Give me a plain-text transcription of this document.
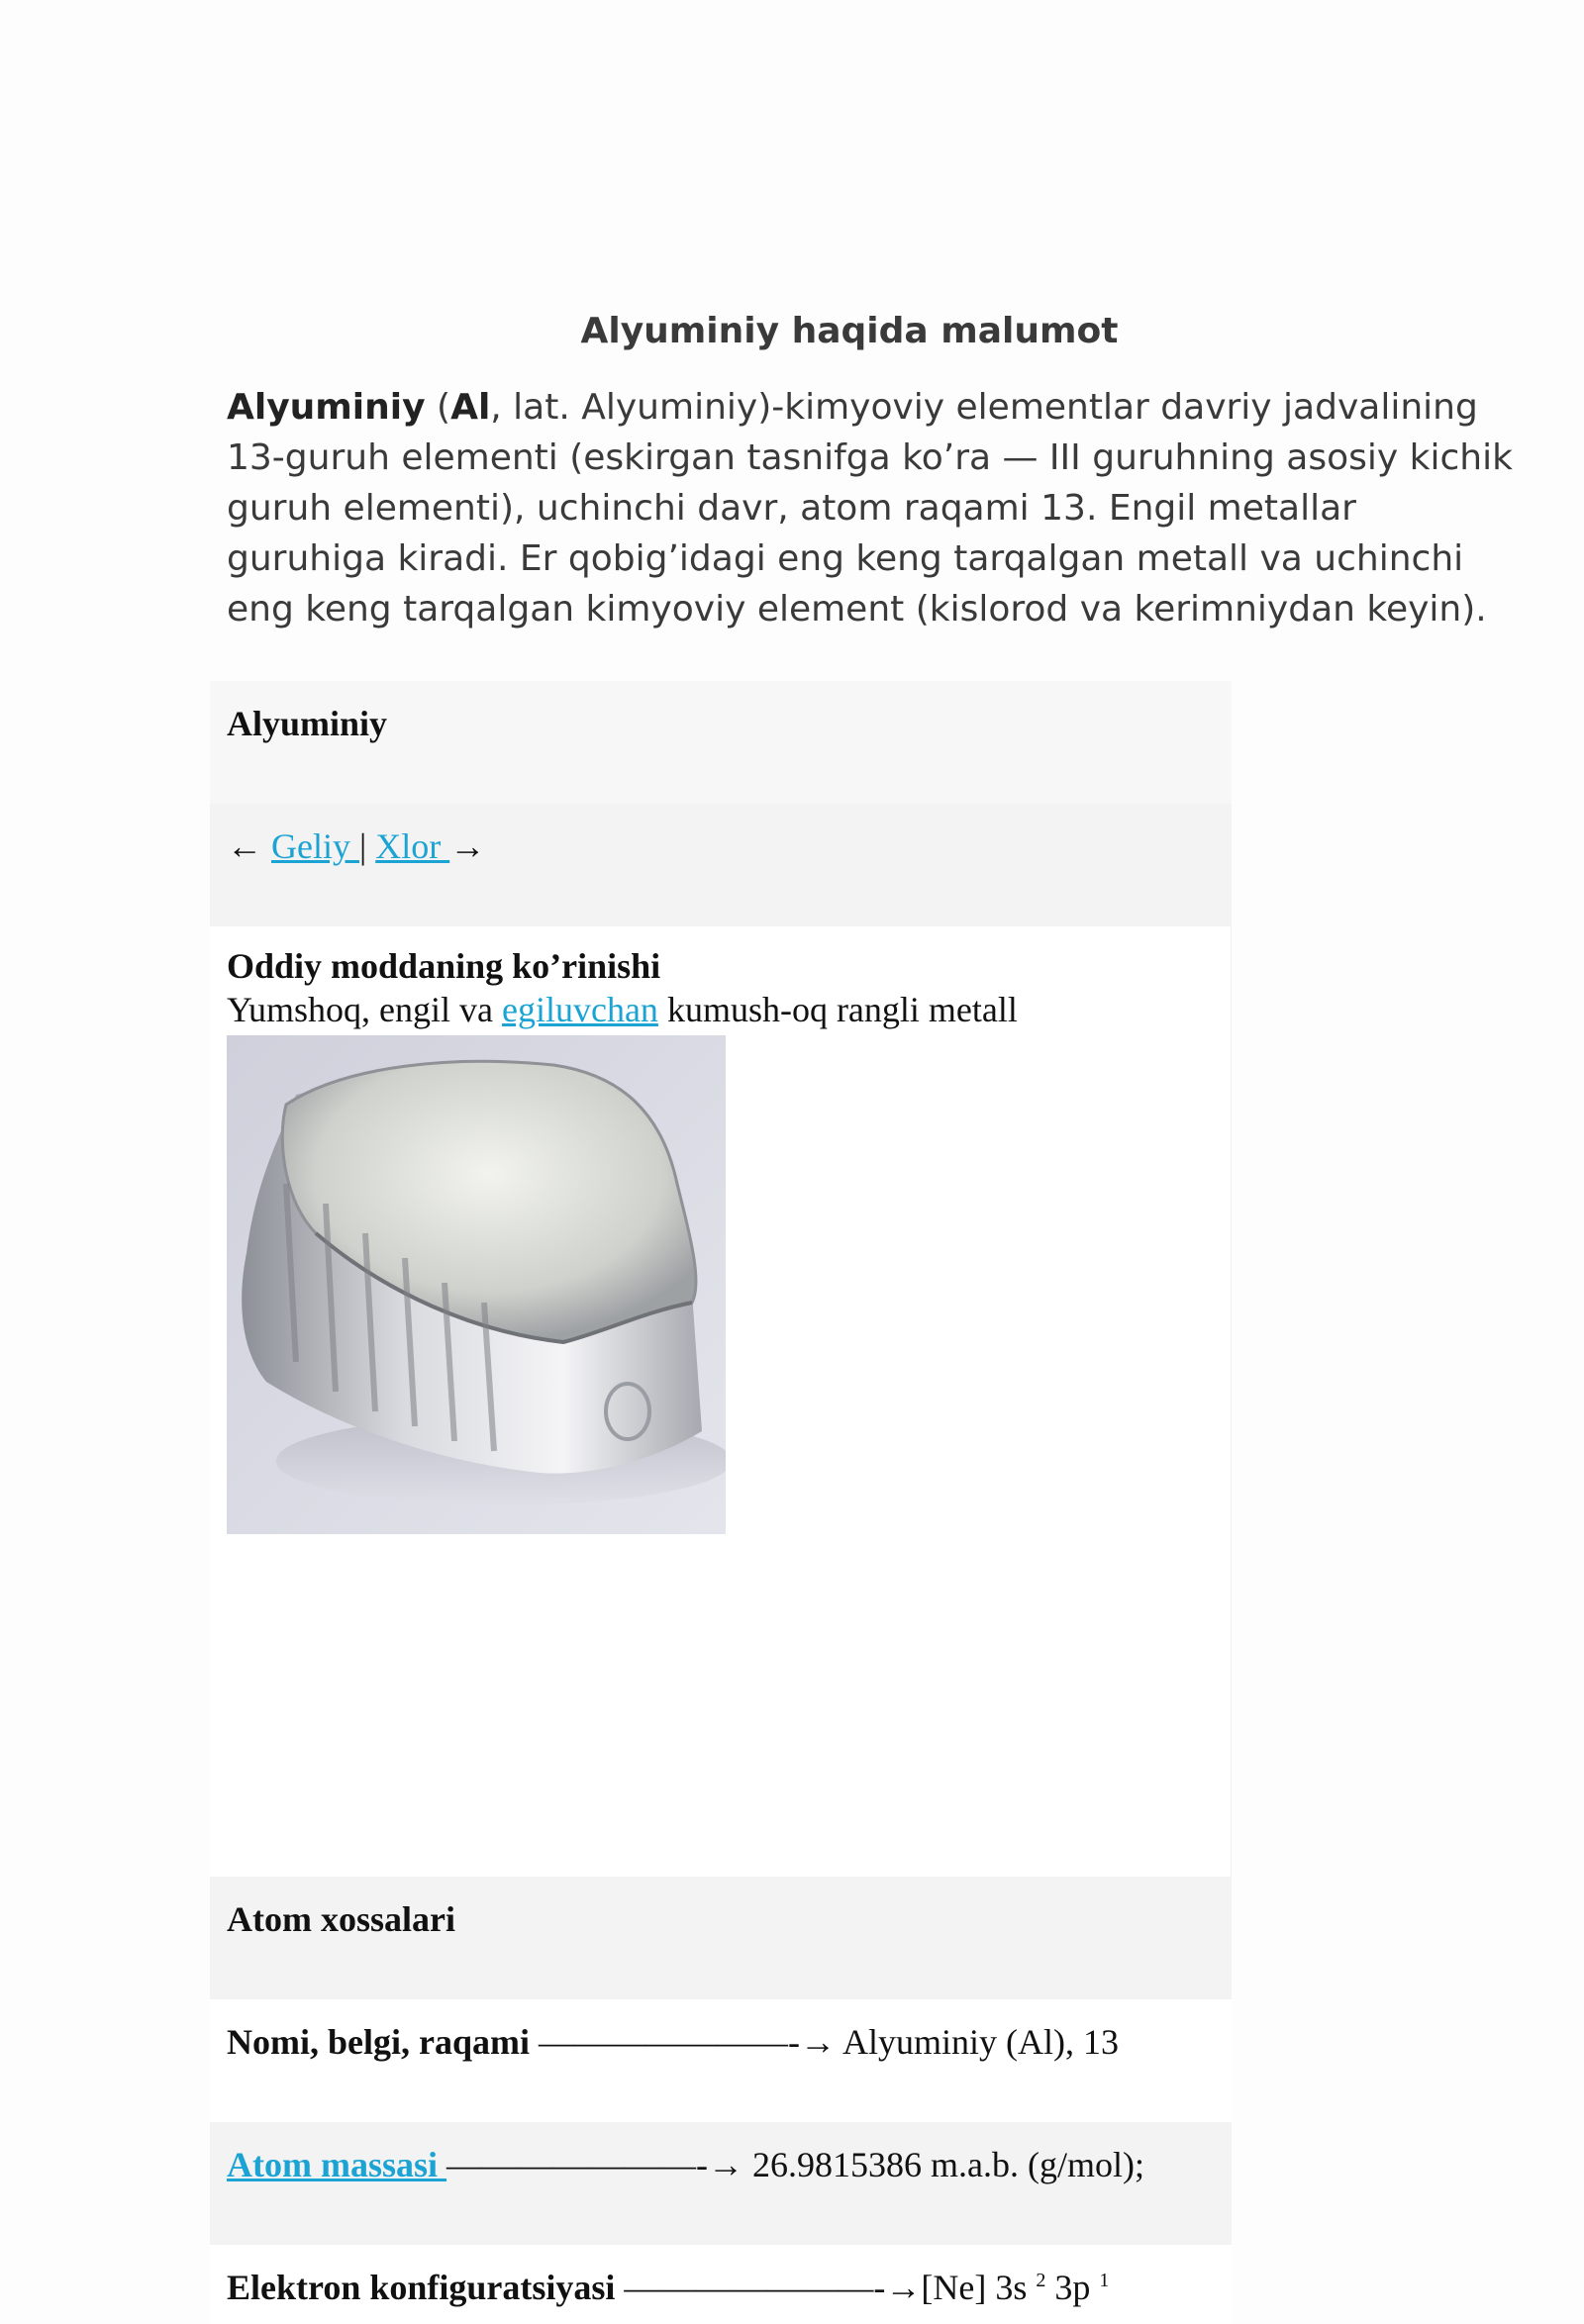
Alyuminiy haqida malumot

Alyuminiy (Al, lat. Alyuminiy)-kimyoviy elementlar davriy jadvalining 13-guruh elementi (eskirgan tasnifga ko’ra — III guruhning asosiy kichik guruh elementi), uchinchi davr, atom raqami 13. Engil metallar guruhiga kiradi. Er qobig’idagi eng keng tarqalgan metall va uchinchi eng keng tarqalgan kimyoviy element (kislorod va kerimniydan keyin).

Alyuminiy
← Geliy | Xlor →
Oddiy moddaning ko’rinishi
Yumshoq, engil va egiluvchan kumush-oq rangli metall
Atom xossalari
Nomi, belgi, raqami ———————-→ Alyuminiy (Al), 13
Atom massasi ———————-→ 26.9815386 m.a.b. (g/mol);
Elektron konfiguratsiyasi ———————-→[Ne] 3s $^2$ 3p $^1$
